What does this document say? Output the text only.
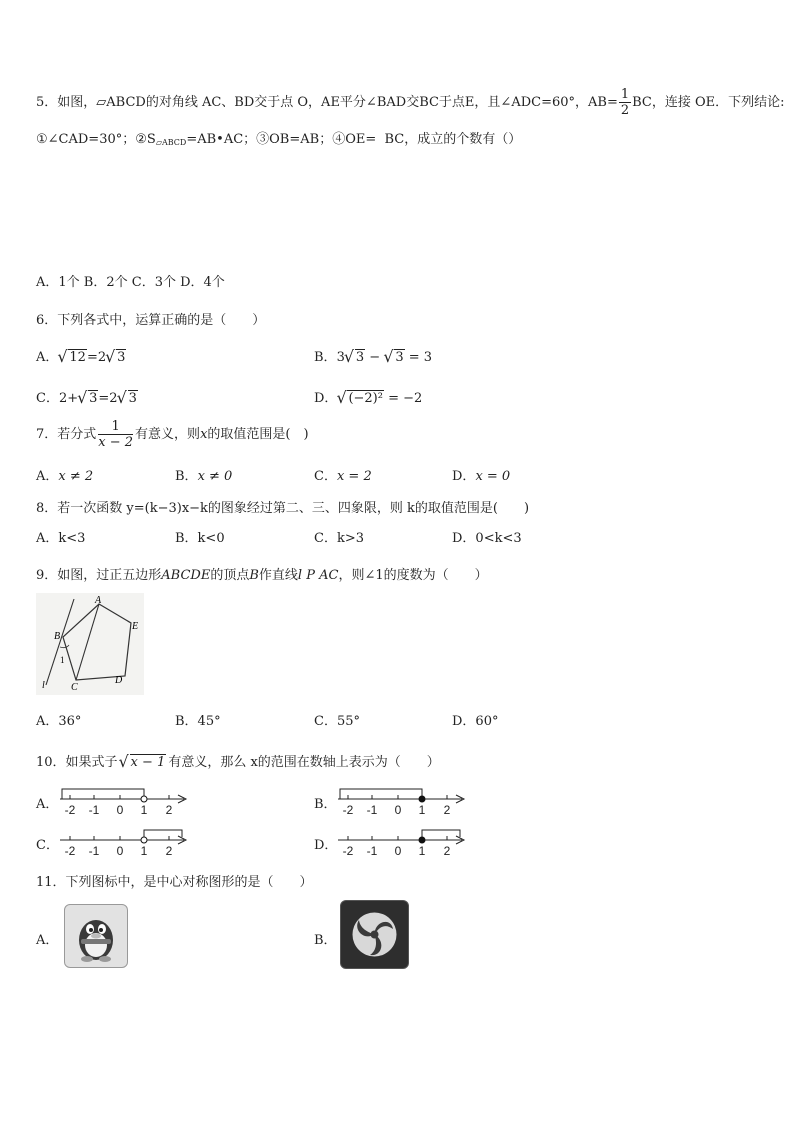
5．如图，▱ABCD的对角线 AC、BD交于点 O，AE平分∠BAD交BC于点E，且∠ADC=60°，$AB= \frac{1}{2}$ BC，连接 OE．下列结论:
①∠CAD=30°；$②S_{▱ABCD}=AB•AC$；③OB=AB；④OE= BC，成立的个数有（）
A．1个 B．2个 C．3个 D．4个
6．下列各式中，运算正确的是（　　）
A． √ 12=2 √ 3	B．3 √ 3 − √ 3 = 3
C．2+ √ 3=2 √ 3	D． √ (−2)² = −2
7．若分式 $\frac{1}{x - 2}$ 有意义，则x的取值范围是(　)
A．x ≠ 2	B．x ≠ 0	C．x = 2	D．x = 0
8．若一次函数 y=(k−3)x−k的图象经过第二、三、四象限，则 k的取值范围是(　　)
A．k<3	B．k<0	C．k>3	D．0<k<3
9．如图，过正五边形ABCDE的顶点B作直线l P AC，则∠1的度数为（　　）
A
B
C
D
E
1
l
A．36°	B．45°	C．55°	D．60°
10．如果式子 √ x − 1 有意义，那么 x的范围在数轴上表示为（　　）
A．	B．
C．	D．
-2 -1 0 1 2	-2 -1 0 1 2
-2 -1 0 1 2	-2 -1 0 1 2
11．下列图标中，是中心对称图形的是（　　）
A．	B．
